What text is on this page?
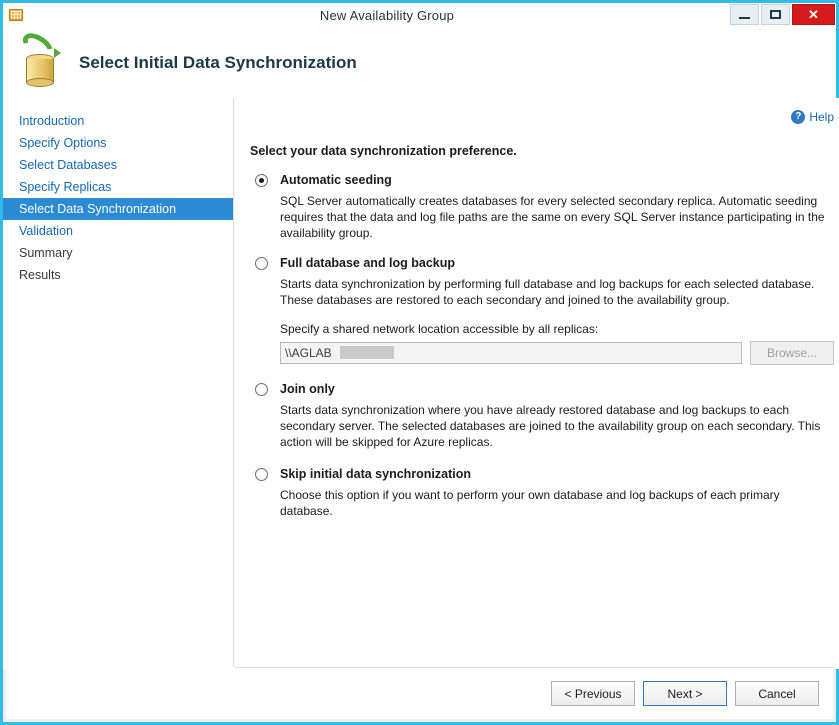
New Availability Group	✕
Select Initial Data Synchronization
Introduction
Specify Options
Select Databases
Specify Replicas
Select Data Synchronization
Validation
Summary
Results
? Help
Select your data synchronization preference.
Automatic seeding
SQL Server automatically creates databases for every selected secondary replica. Automatic seeding requires that the data and log file paths are the same on every SQL Server instance participating in the availability group.
Full database and log backup
Starts data synchronization by performing full database and log backups for each selected database. These databases are restored to each secondary and joined to the availability group.
Specify a shared network location accessible by all replicas:
\\AGLAB
Browse...
Join only
Starts data synchronization where you have already restored database and log backups to each secondary server. The selected databases are joined to the availability group on each secondary. This action will be skipped for Azure replicas.
Skip initial data synchronization
Choose this option if you want to perform your own database and log backups of each primary database.
< Previous	Next >	Cancel
